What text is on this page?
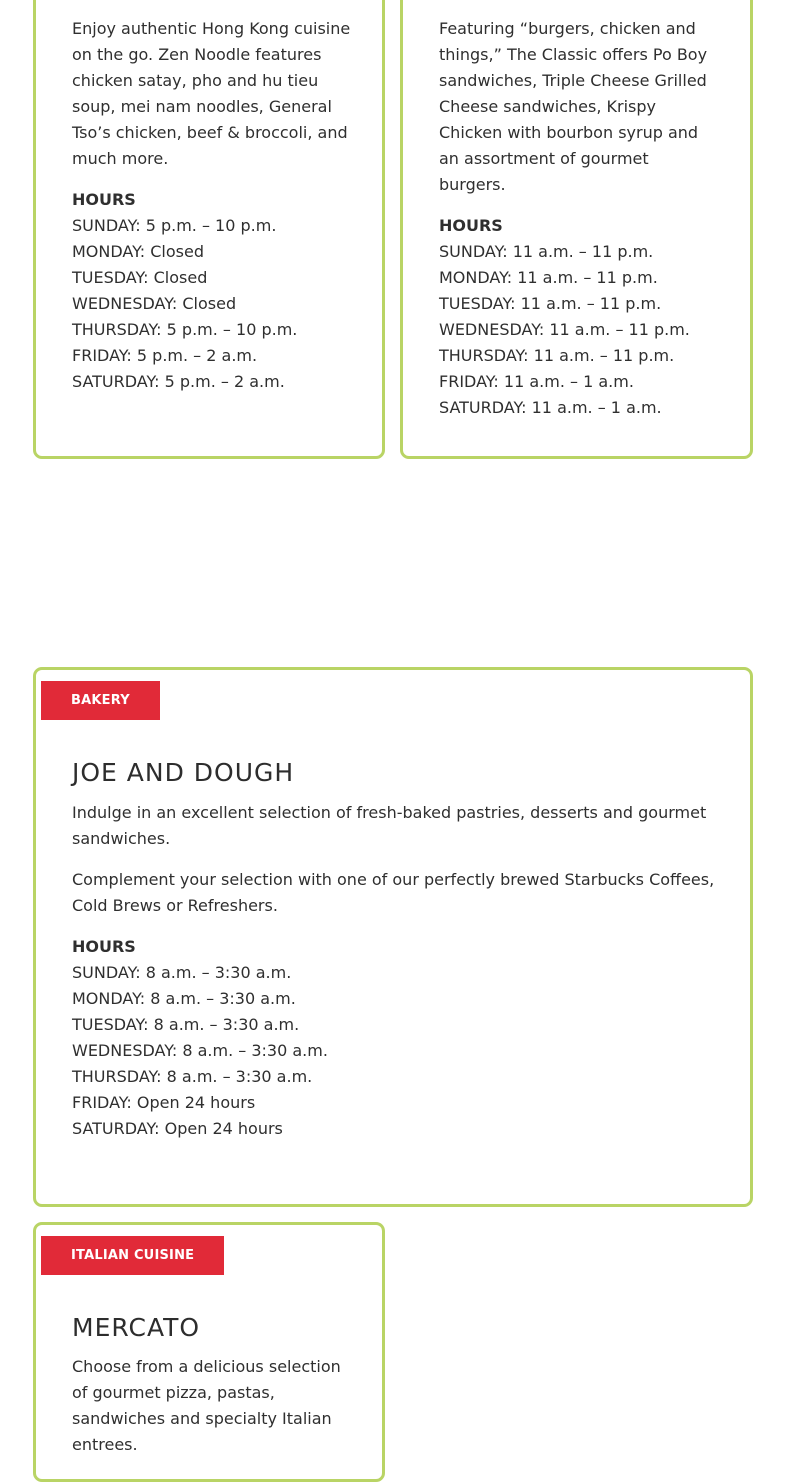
Enjoy authentic Hong Kong cuisine on the go. Zen Noodle features chicken satay, pho and hu tieu soup, mei nam noodles, General Tso’s chicken, beef & broccoli, and much more.

HOURS
SUNDAY: 5 p.m. – 10 p.m.
MONDAY: Closed
TUESDAY: Closed
WEDNESDAY: Closed
THURSDAY: 5 p.m. – 10 p.m.
FRIDAY: 5 p.m. – 2 a.m.
SATURDAY: 5 p.m. – 2 a.m.

Featuring “burgers, chicken and things,” The Classic offers Po Boy sandwiches, Triple Cheese Grilled Cheese sandwiches, Krispy Chicken with bourbon syrup and an assortment of gourmet burgers.

HOURS
SUNDAY: 11 a.m. – 11 p.m.
MONDAY: 11 a.m. – 11 p.m.
TUESDAY: 11 a.m. – 11 p.m.
WEDNESDAY: 11 a.m. – 11 p.m.
THURSDAY: 11 a.m. – 11 p.m.
FRIDAY: 11 a.m. – 1 a.m.
SATURDAY: 11 a.m. – 1 a.m.
BAKERY
JOE AND DOUGH

Indulge in an excellent selection of fresh-baked pastries, desserts and gourmet sandwiches.

Complement your selection with one of our perfectly brewed Starbucks Coffees, Cold Brews or Refreshers.

HOURS
SUNDAY: 8 a.m. – 3:30 a.m.
MONDAY: 8 a.m. – 3:30 a.m.
TUESDAY: 8 a.m. – 3:30 a.m.
WEDNESDAY: 8 a.m. – 3:30 a.m.
THURSDAY: 8 a.m. – 3:30 a.m.
FRIDAY: Open 24 hours
SATURDAY: Open 24 hours
ITALIAN CUISINE
MERCATO

Choose from a delicious selection of gourmet pizza, pastas, sandwiches and specialty Italian entrees.
